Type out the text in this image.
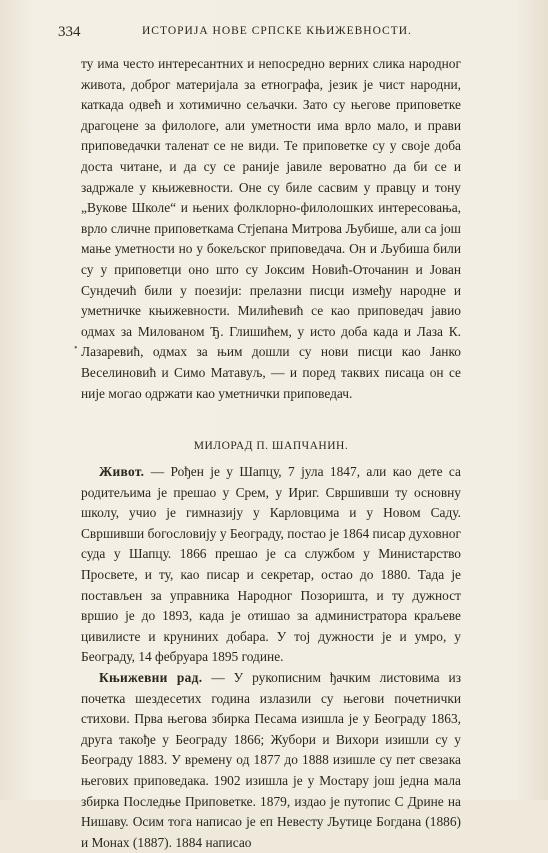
334	ИСТОРИЈА НОВЕ СРПСКЕ КЊИЖЕВНОСТИ.
•

ту има често интересантних и непосредно верних слика народног живота, доброг материјала за етнографа, језик је чист народни, каткада одвећ и хотимично сељачки. Зато су његове приповетке драгоцене за филологе, али уметности има врло мало, и прави приповедачки таленат се не види. Те приповетке су у своје доба доста читане, и да су се раније јавиле вероватно да би се и задржале у књижевности. Оне су биле сасвим у правцу и тону „Вукове Школе“ и њених фолклорно-филолошких интересовања, врло сличне приповеткама Стјепана Митрова Љубише, али са још мање уметности но у бокељског приповедача. Он и Љубиша били су у приповетци оно што су Јоксим Новић-Оточанин и Јован Сундечић били у поезији: прелазни писци између народне и уметничке књижевности. Милићевић се као приповедач јавио одмах за Милованом Ђ. Глишићем, у исто доба када и Лаза К. Лазаревић, одмах за њим дошли су нови писци као Јанко Веселиновић и Симо Матавуљ, — и поред таквих писаца он се није могао одржати као уметнички приповедач.

МИЛОРАД П. ШАПЧАНИН.

Живот. — Рођен је у Шапцу, 7 јула 1847, али као дете са родитељима је прешао у Срем, у Ириг. Свршивши ту основну школу, учио је гимназију у Карловцима и у Новом Саду. Свршивши богословију у Београду, постао је 1864 писар духовног суда у Шапцу. 1866 прешао је са службом у Министарство Просвете, и ту, као писар и секретар, остао до 1880. Тада је постављен за управника Народног Позоришта, и ту дужност вршио је до 1893, када је отишао за администратора краљеве цивилисте и круниних добара. У тој дужности је и умро, у Београду, 14 фебруара 1895 године.

Књижевни рад. — У рукописним ђачким листовима из почетка шездесетих година излазили су његови почетнички стихови. Прва његова збирка Песама изишла је у Београду 1863, друга такође у Београду 1866; Жубори и Вихори изишли су у Београду 1883. У времену од 1877 до 1888 изишле су пет свезака његових приповедака. 1902 изишла је у Мостару још једна мала збирка Последње Приповетке. 1879, издао је путопис С Дрине на Нишаву. Осим тога написао је еп Невесту Љутице Богдана (1886) и Монах (1887). 1884 написао
